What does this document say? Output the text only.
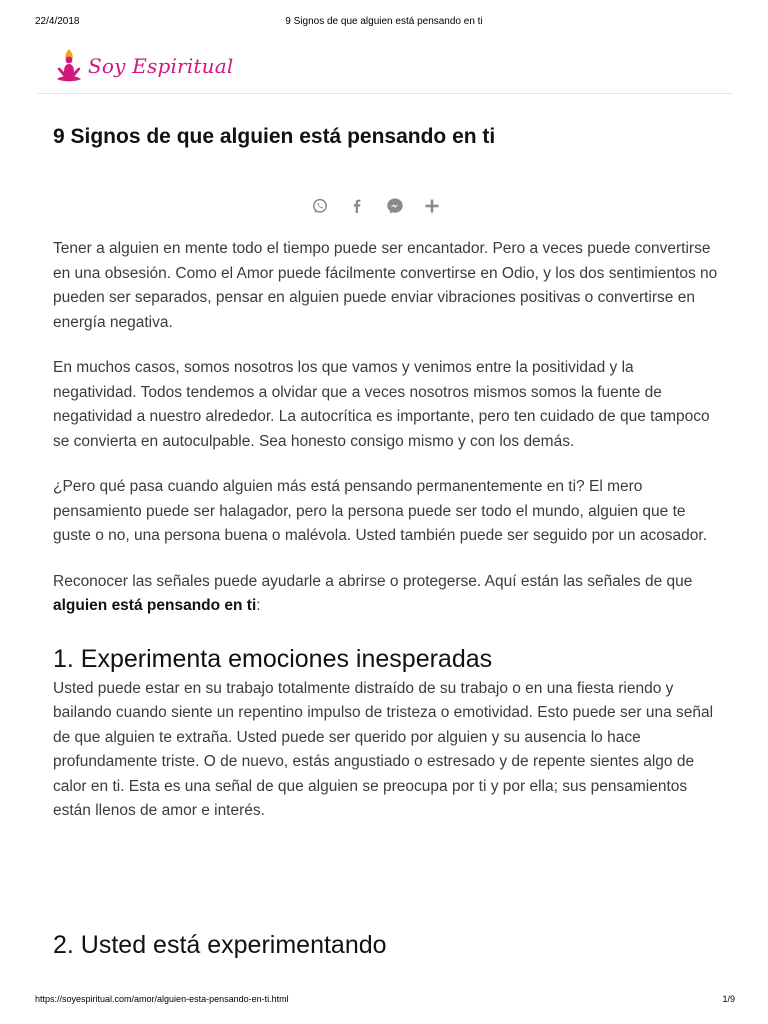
22/4/2018	9 Signos de que alguien está pensando en ti
Soy Espiritual
9 Signos de que alguien está pensando en ti

Tener a alguien en mente todo el tiempo puede ser encantador. Pero a veces puede convertirse en una obsesión. Como el Amor puede fácilmente convertirse en Odio, y los dos sentimientos no pueden ser separados, pensar en alguien puede enviar vibraciones positivas o convertirse en energía negativa.

En muchos casos, somos nosotros los que vamos y venimos entre la positividad y la negatividad. Todos tendemos a olvidar que a veces nosotros mismos somos la fuente de negatividad a nuestro alrededor. La autocrítica es importante, pero ten cuidado de que tampoco se convierta en autoculpable. Sea honesto consigo mismo y con los demás.

¿Pero qué pasa cuando alguien más está pensando permanentemente en ti? El mero pensamiento puede ser halagador, pero la persona puede ser todo el mundo, alguien que te guste o no, una persona buena o malévola. Usted también puede ser seguido por un acosador.

Reconocer las señales puede ayudarle a abrirse o protegerse. Aquí están las señales de que alguien está pensando en ti:

1. Experimenta emociones inesperadas

Usted puede estar en su trabajo totalmente distraído de su trabajo o en una fiesta riendo y bailando cuando siente un repentino impulso de tristeza o emotividad. Esto puede ser una señal de que alguien te extraña. Usted puede ser querido por alguien y su ausencia lo hace profundamente triste. O de nuevo, estás angustiado o estresado y de repente sientes algo de calor en ti. Esta es una señal de que alguien se preocupa por ti y por ella; sus pensamientos están llenos de amor e interés.

2. Usted está experimentando
https://soyespiritual.com/amor/alguien-esta-pensando-en-ti.html	1/9
